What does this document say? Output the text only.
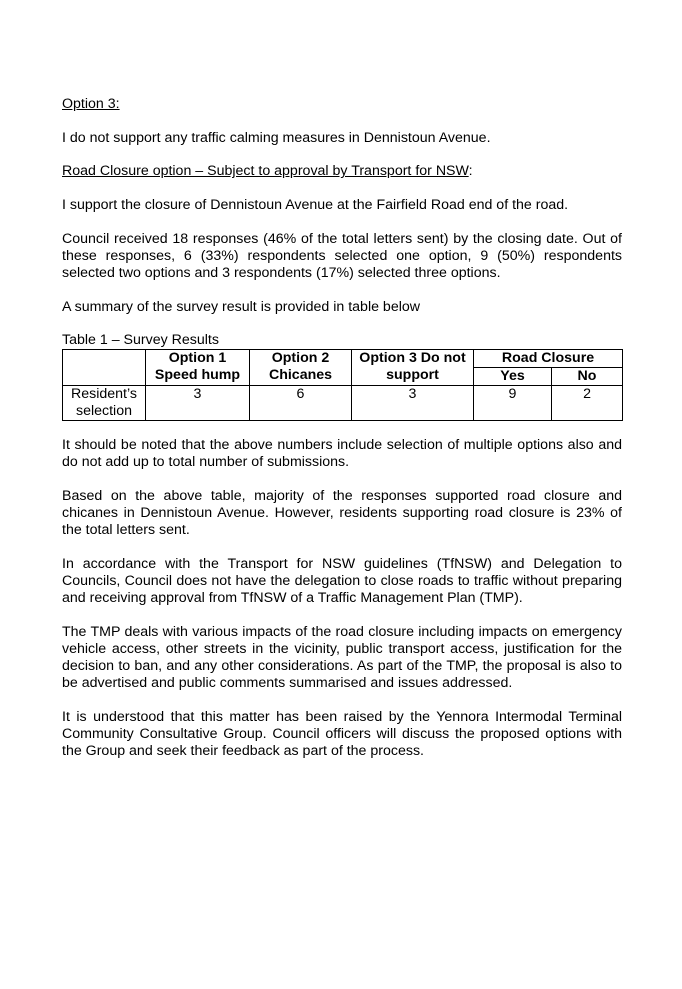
Option 3:

I do not support any traffic calming measures in Dennistoun Avenue.

Road Closure option – Subject to approval by Transport for NSW:

I support the closure of Dennistoun Avenue at the Fairfield Road end of the road.

Council received 18 responses (46% of the total letters sent) by the closing date. Out of these responses, 6 (33%) respondents selected one option, 9 (50%) respondents selected two options and 3 respondents (17%) selected three options.

A summary of the survey result is provided in table below

Table 1 – Survey Results

	Option 1 Speed hump	Option 2 Chicanes	Option 3 Do not support	Road Closure	
				Yes	No
Resident’s selection	3	6	3	9	2

It should be noted that the above numbers include selection of multiple options also and do not add up to total number of submissions.

Based on the above table, majority of the responses supported road closure and chicanes in Dennistoun Avenue. However, residents supporting road closure is 23% of the total letters sent.

In accordance with the Transport for NSW guidelines (TfNSW) and Delegation to Councils, Council does not have the delegation to close roads to traffic without preparing and receiving approval from TfNSW of a Traffic Management Plan (TMP).

The TMP deals with various impacts of the road closure including impacts on emergency vehicle access, other streets in the vicinity, public transport access, justification for the decision to ban, and any other considerations. As part of the TMP, the proposal is also to be advertised and public comments summarised and issues addressed.

It is understood that this matter has been raised by the Yennora Intermodal Terminal Community Consultative Group. Council officers will discuss the proposed options with the Group and seek their feedback as part of the process.
